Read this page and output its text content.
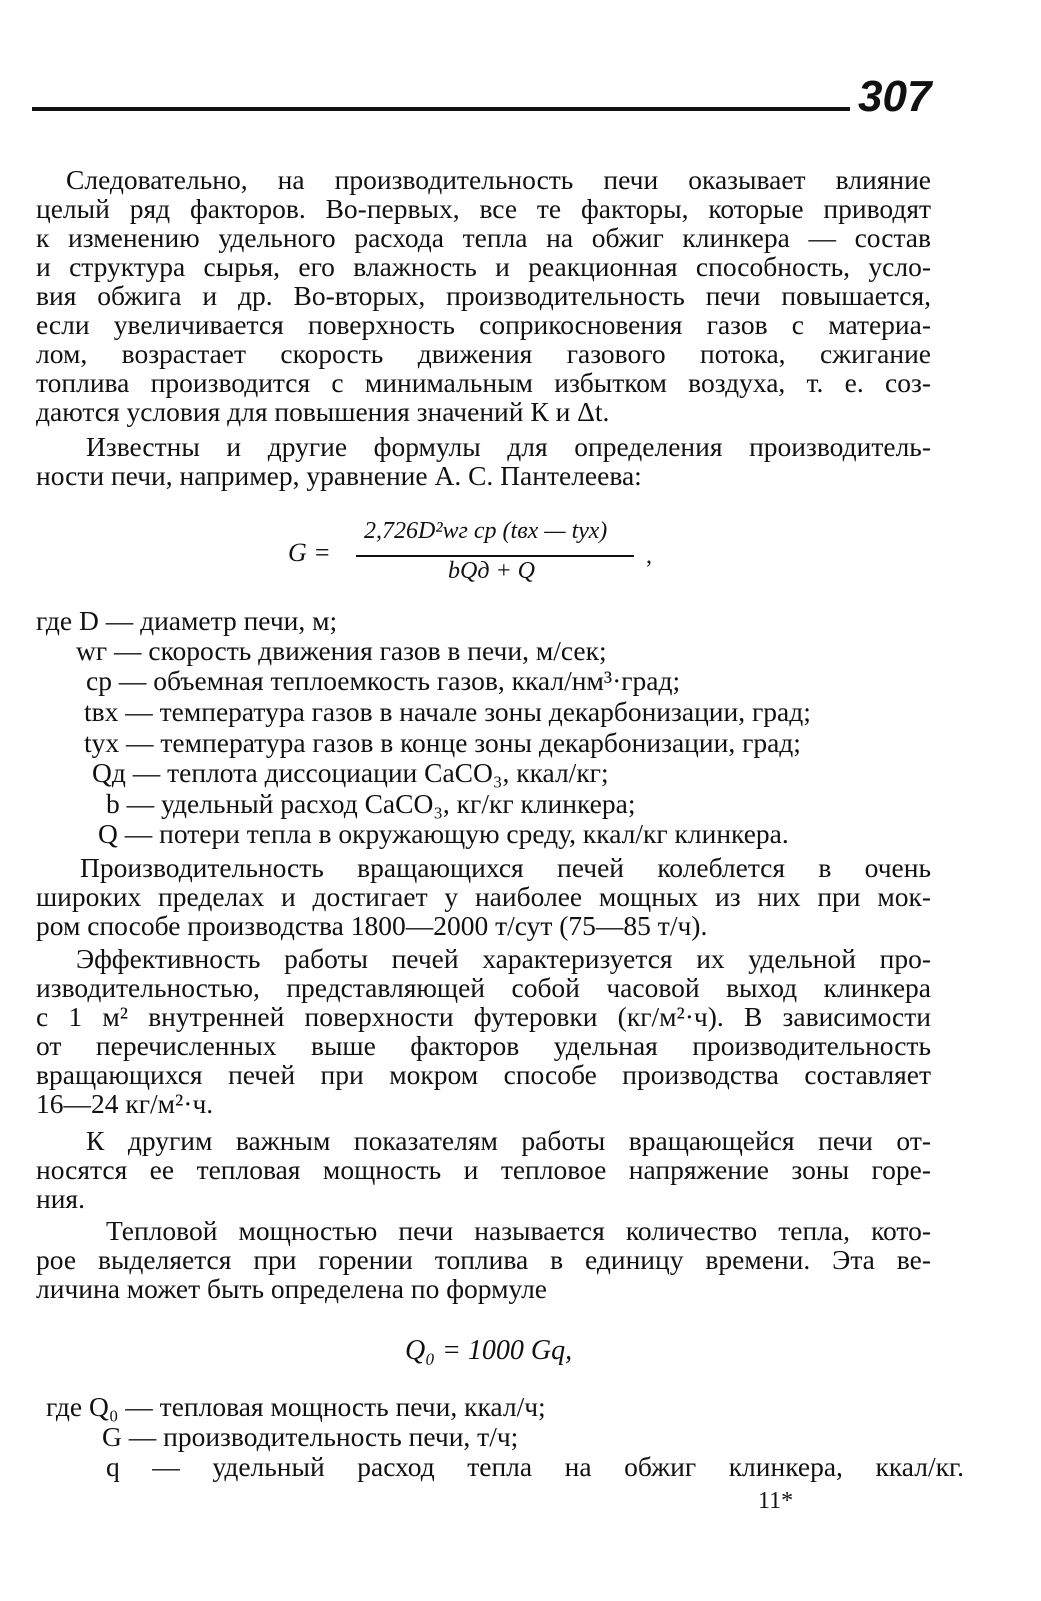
307
Следовательно, на производительность печи оказывает влияние
целый ряд факторов. Во-первых, все те факторы, которые приводят
к изменению удельного расхода тепла на обжиг клинкера — состав
и структура сырья, его влажность и реакционная способность, усло-
вия обжига и др. Во-вторых, производительность печи повышается,
если увеличивается поверхность соприкосновения газов с материа-
лом, возрастает скорость движения газового потока, сжигание
топлива производится с минимальным избытком воздуха, т. е. соз-
даются условия для повышения значений К и Δt.
Известны и другие формулы для определения производитель-
ности печи, например, уравнение А. С. Пантелеева:
G =
2,726D²wг cр (tвх — tух)
bQд + Q
,
где D — диаметр печи, м;
wг — скорость движения газов в печи, м/сек;
cр — объемная теплоемкость газов, ккал/нм³·град;
tвх — температура газов в начале зоны декарбонизации, град;
tух — температура газов в конце зоны декарбонизации, град;
Qд — теплота диссоциации CaCO₃, ккал/кг;
b — удельный расход CaCO₃, кг/кг клинкера;
Q — потери тепла в окружающую среду, ккал/кг клинкера.
Производительность вращающихся печей колеблется в очень
широких пределах и достигает у наиболее мощных из них при мок-
ром способе производства 1800—2000 т/сут (75—85 т/ч).
Эффективность работы печей характеризуется их удельной про-
изводительностью, представляющей собой часовой выход клинкера
с 1 м² внутренней поверхности футеровки (кг/м²·ч). В зависимости
от перечисленных выше факторов удельная производительность
вращающихся печей при мокром способе производства составляет
16—24 кг/м²·ч.
К другим важным показателям работы вращающейся печи от-
носятся ее тепловая мощность и тепловое напряжение зоны горе-
ния.
Тепловой мощностью печи называется количество тепла, кото-
рое выделяется при горении топлива в единицу времени. Эта ве-
личина может быть определена по формуле
Q₀ = 1000 Gq,
где Q₀ — тепловая мощность печи, ккал/ч;
G — производительность печи, т/ч;
q — удельный расход тепла на обжиг клинкера, ккал/кг.
11*
